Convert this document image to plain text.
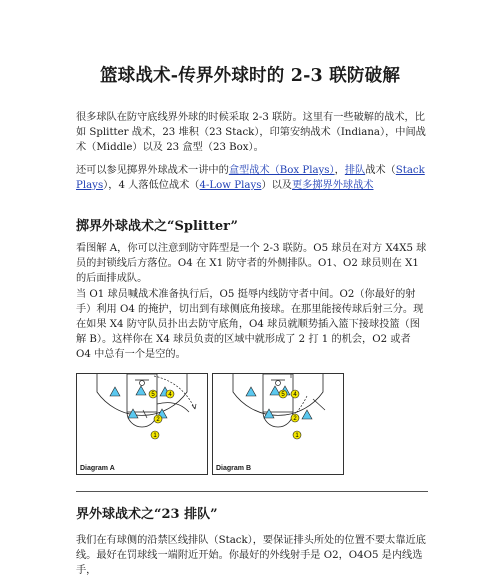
篮球战术-传界外球时的 2-3 联防破解

很多球队在防守底线界外球的时候采取 2-3 联防。这里有一些破解的战术，比如 Splitter 战术，23 堆积（23 Stack），印第安纳战术（Indiana），中间战术（Middle）以及 23 盒型（23 Box）。

还可以参见掷界外球战术一讲中的盒型战术（Box Plays），排队战术（Stack Plays），4 人落低位战术（4-Low Plays）以及更多掷界外球战术

掷界外球战术之“Splitter”

看图解 A，你可以注意到防守阵型是一个 2-3 联防。O5 球员在对方 X4X5 球员的封锁线后方落位。O4 在 X1 防守者的外侧排队。O1、O2 球员则在 X1 的后面排成队。

当 O1 球员喊战术准备执行后，O5 挺辱内线防守者中间。O2（你最好的射手）利用 O4 的掩护，切出到有球侧底角接球。在那里能接传球后射三分。现在如果 X4 防守队员扑出去防守底角，O4 球员就顺势插入篮下接球投篮（图解 B）。这样你在 X4 球员负责的区域中就形成了 2 打 1 的机会，O2 或者 O4 中总有一个是空的。

5 4
2
1
Diagram A
5 4
2
1
Diagram B
界外球战术之“23 排队”

我们在有球侧的沿禁区线排队（Stack），要保证排头所处的位置不要太靠近底线。最好在罚球线一端附近开始。你最好的外线射手是 O2，O4O5 是内线选手，
